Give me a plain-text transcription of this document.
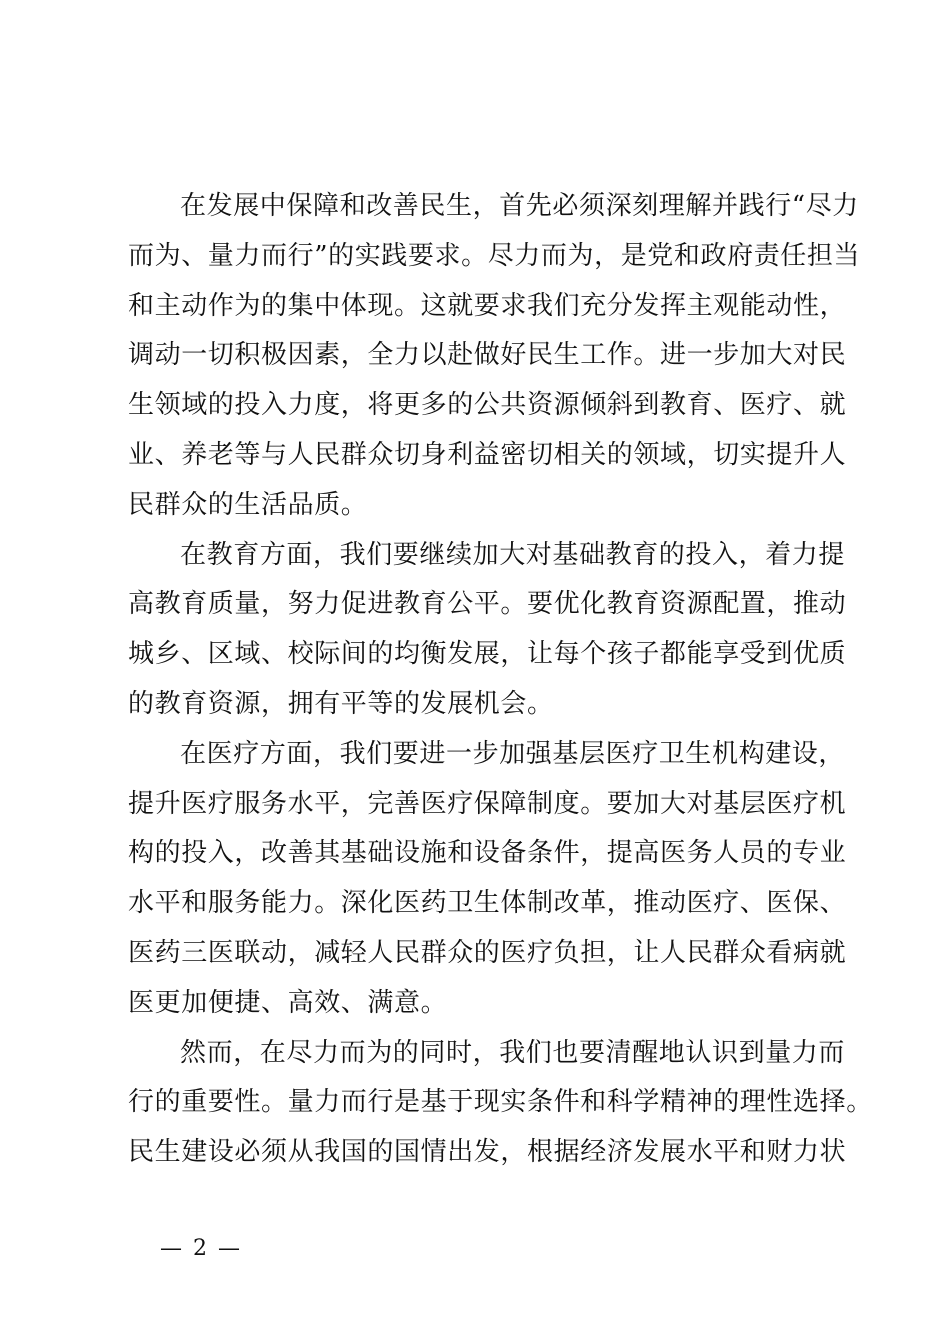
在发展中保障和改善民生，首先必须深刻理解并践行“尽力
而为、量力而行”的实践要求。尽力而为，是党和政府责任担当
和主动作为的集中体现。这就要求我们充分发挥主观能动性，
调动一切积极因素，全力以赴做好民生工作。进一步加大对民
生领域的投入力度，将更多的公共资源倾斜到教育、医疗、就
业、养老等与人民群众切身利益密切相关的领域，切实提升人
民群众的生活品质。

在教育方面，我们要继续加大对基础教育的投入，着力提
高教育质量，努力促进教育公平。要优化教育资源配置，推动
城乡、区域、校际间的均衡发展，让每个孩子都能享受到优质
的教育资源，拥有平等的发展机会。

在医疗方面，我们要进一步加强基层医疗卫生机构建设，
提升医疗服务水平，完善医疗保障制度。要加大对基层医疗机
构的投入，改善其基础设施和设备条件，提高医务人员的专业
水平和服务能力。深化医药卫生体制改革，推动医疗、医保、
医药三医联动，减轻人民群众的医疗负担，让人民群众看病就
医更加便捷、高效、满意。

然而，在尽力而为的同时，我们也要清醒地认识到量力而
行的重要性。量力而行是基于现实条件和科学精神的理性选择。
民生建设必须从我国的国情出发，根据经济发展水平和财力状

— 2 —
